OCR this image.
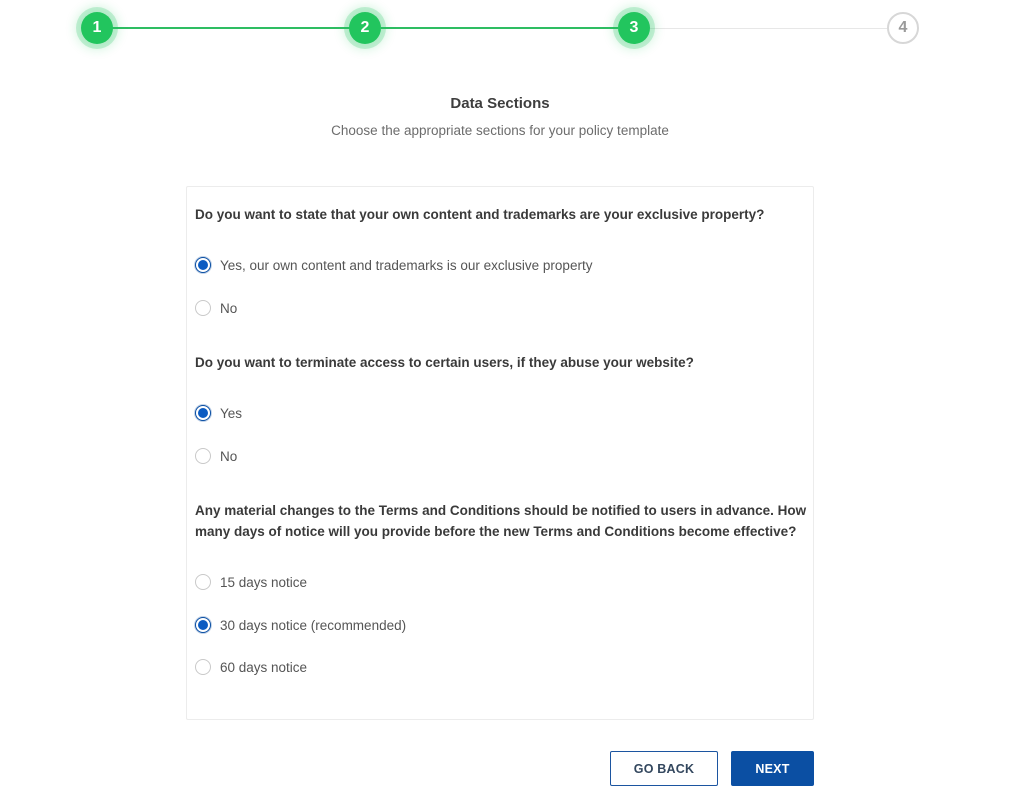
1	2	3	4
Data Sections
Choose the appropriate sections for your policy template
Do you want to state that your own content and trademarks are your exclusive property?
Yes, our own content and trademarks is our exclusive property
No
Do you want to terminate access to certain users, if they abuse your website?
Yes
No
Any material changes to the Terms and Conditions should be notified to users in advance. How many days of notice will you provide before the new Terms and Conditions become effective?
15 days notice
30 days notice (recommended)
60 days notice
GO BACK	NEXT
